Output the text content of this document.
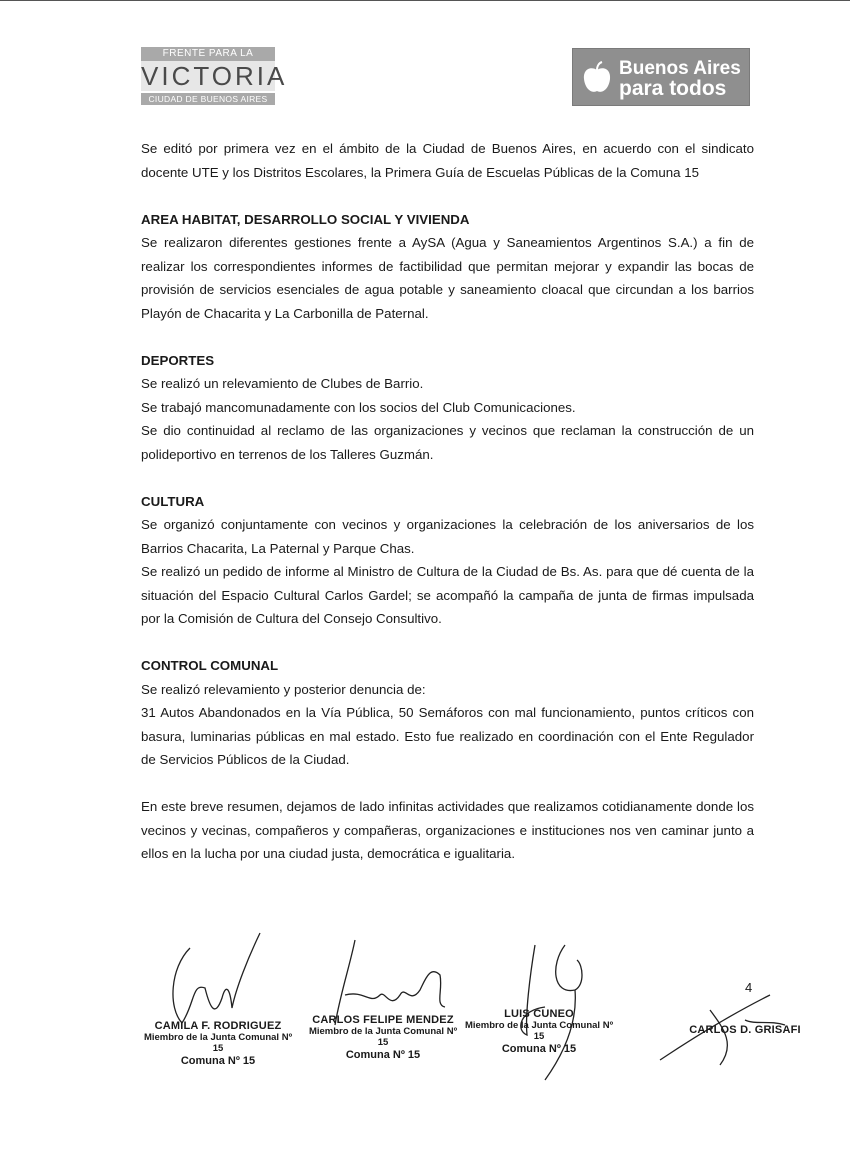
FRENTE PARA LA
VICTORIA
CIUDAD DE BUENOS AIRES
Buenos Aires
para todos

Se editó por primera vez en el ámbito de la Ciudad de Buenos Aires, en acuerdo con el sindicato docente UTE y los Distritos Escolares, la Primera Guía de Escuelas Públicas de la Comuna 15

AREA HABITAT, DESARROLLO SOCIAL Y VIVIENDA

Se realizaron diferentes gestiones frente a AySA (Agua y Saneamientos Argentinos S.A.) a fin de realizar los correspondientes informes de factibilidad que permitan mejorar y expandir las bocas de provisión de servicios esenciales de agua potable y saneamiento cloacal que circundan a los barrios Playón de Chacarita y La Carbonilla de Paternal.

DEPORTES

Se realizó un relevamiento de Clubes de Barrio.

Se trabajó mancomunadamente con los socios del Club Comunicaciones.

Se dio continuidad al reclamo de las organizaciones y vecinos que reclaman la construcción de un polideportivo en terrenos de los Talleres Guzmán.

CULTURA

Se organizó conjuntamente con vecinos y organizaciones la celebración de los aniversarios de los Barrios Chacarita, La Paternal y Parque Chas.

Se realizó un pedido de informe al Ministro de Cultura de la Ciudad de Bs. As. para que dé cuenta de la situación del Espacio Cultural Carlos Gardel; se acompañó la campaña de junta de firmas impulsada por la Comisión de Cultura del Consejo Consultivo.

CONTROL COMUNAL

Se realizó relevamiento y posterior denuncia de:

31 Autos Abandonados en la Vía Pública, 50 Semáforos con mal funcionamiento, puntos críticos con basura, luminarias públicas en mal estado. Esto fue realizado en coordinación con el Ente Regulador de Servicios Públicos de la Ciudad.

En este breve resumen, dejamos de lado infinitas actividades que realizamos cotidianamente donde los vecinos y vecinas, compañeros y compañeras, organizaciones e instituciones nos ven caminar junto a ellos en la lucha por una ciudad justa, democrática e igualitaria.

CAMILA F. RODRIGUEZ
Miembro de la Junta Comunal Nº 15
Comuna Nº 15
CARLOS FELIPE MENDEZ
Miembro de la Junta Comunal Nº 15
Comuna Nº 15
LUIS CUNEO
Miembro de la Junta Comunal Nº 15
Comuna Nº 15
CARLOS D. GRISAFI
4
